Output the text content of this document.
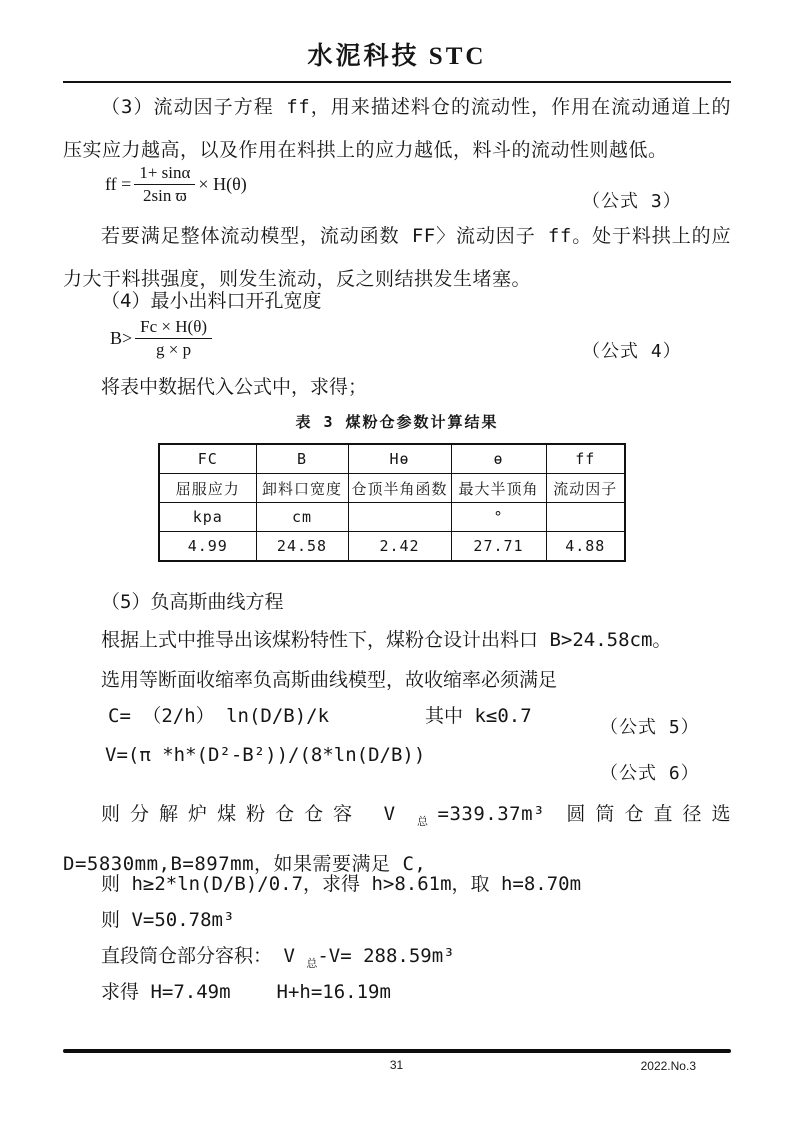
水泥科技 STC
（3）流动因子方程 ff，用来描述料仓的流动性，作用在流动通道上的压实应力越高，以及作用在料拱上的应力越低，料斗的流动性则越低。
ff = $\frac{1+ \sin\alpha}{\text{2sin ϖ}} \times H(\theta)$
（公式 3）
若要满足整体流动模型，流动函数 FF〉流动因子 ff。处于料拱上的应力大于料拱强度，则发生流动，反之则结拱发生堵塞。
（4）最小出料口开孔宽度
$B> \frac{Fc \times H(\theta)}{g \times p}$	（公式 4）
将表中数据代入公式中，求得；
表 3 煤粉仓参数计算结果
FC	B	Hɵ	ɵ	ff
屈服应力	卸料口宽度	仓顶半角函数	最大半顶角	流动因子
kpa	cm		°	
4.99	24.58	2.42	27.71	4.88
（5）负高斯曲线方程
根据上式中推导出该煤粉特性下，煤粉仓设计出料口 B>24.58cm。
选用等断面收缩率负高斯曲线模型，故收缩率必须满足
C= （2/h） ln(D/B)/k	其中 k≤0.7
（公式 5）
V=(π *h*(D²-B²))/(8*ln(D/B))
（公式 6）
则分解炉煤粉仓仓容 V $_总$=339.37m³ 圆筒仓直径选 D=5830mm,B=897mm，如果需要满足 C,
则 h≥2*ln(D/B)/0.7，求得 h>8.61m，取 h=8.70m
则 V=50.78m³
直段筒仓部分容积： V $_总$-V= 288.59m³
求得 H=7.49m H+h=16.19m
31	2022.No.3
